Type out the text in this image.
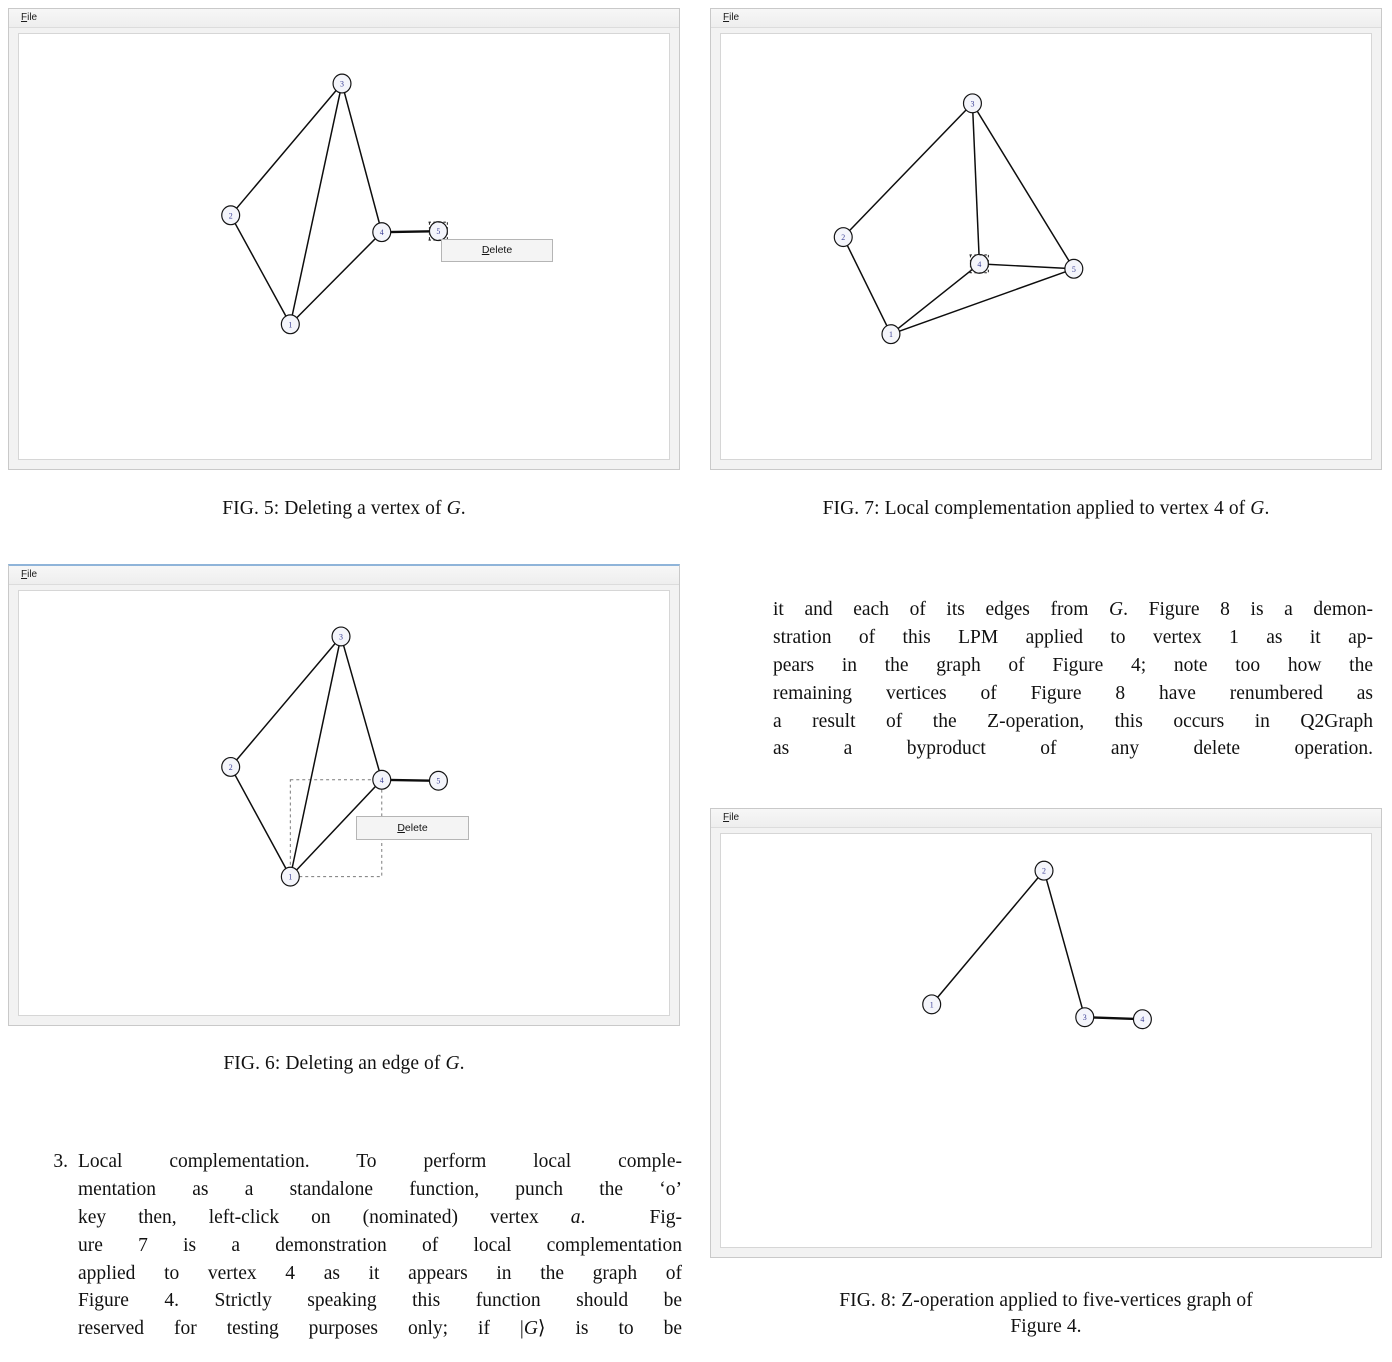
File
3
2
4	5
1
Delete
FIG. 5: Deleting a vertex of G.
File
3
2
4
5
1
FIG. 7: Local complementation applied to vertex 4 of G.
File
3
2
4	5
1
Delete
FIG. 6: Deleting an edge of G.
it and each of its edges from G. Figure 8 is a demon-
stration of this LPM applied to vertex 1 as it ap-
pears in the graph of Figure 4; note too how the
remaining vertices of Figure 8 have renumbered as
a result of the Z-operation, this occurs in Q2Graph
as a byproduct of any delete operation.
File
2
1
3	4
FIG. 8: Z-operation applied to five-vertices graph of
Figure 4.
3. Local complementation. To perform local comple-
mentation as a standalone function, punch the ‘o’
key then, left-click on (nominated) vertex a.  Fig-
ure 7 is a demonstration of local complementation
applied to vertex 4 as it appears in the graph of
Figure 4. Strictly speaking this function should be
reserved for testing purposes only; if |G⟩ is to be
